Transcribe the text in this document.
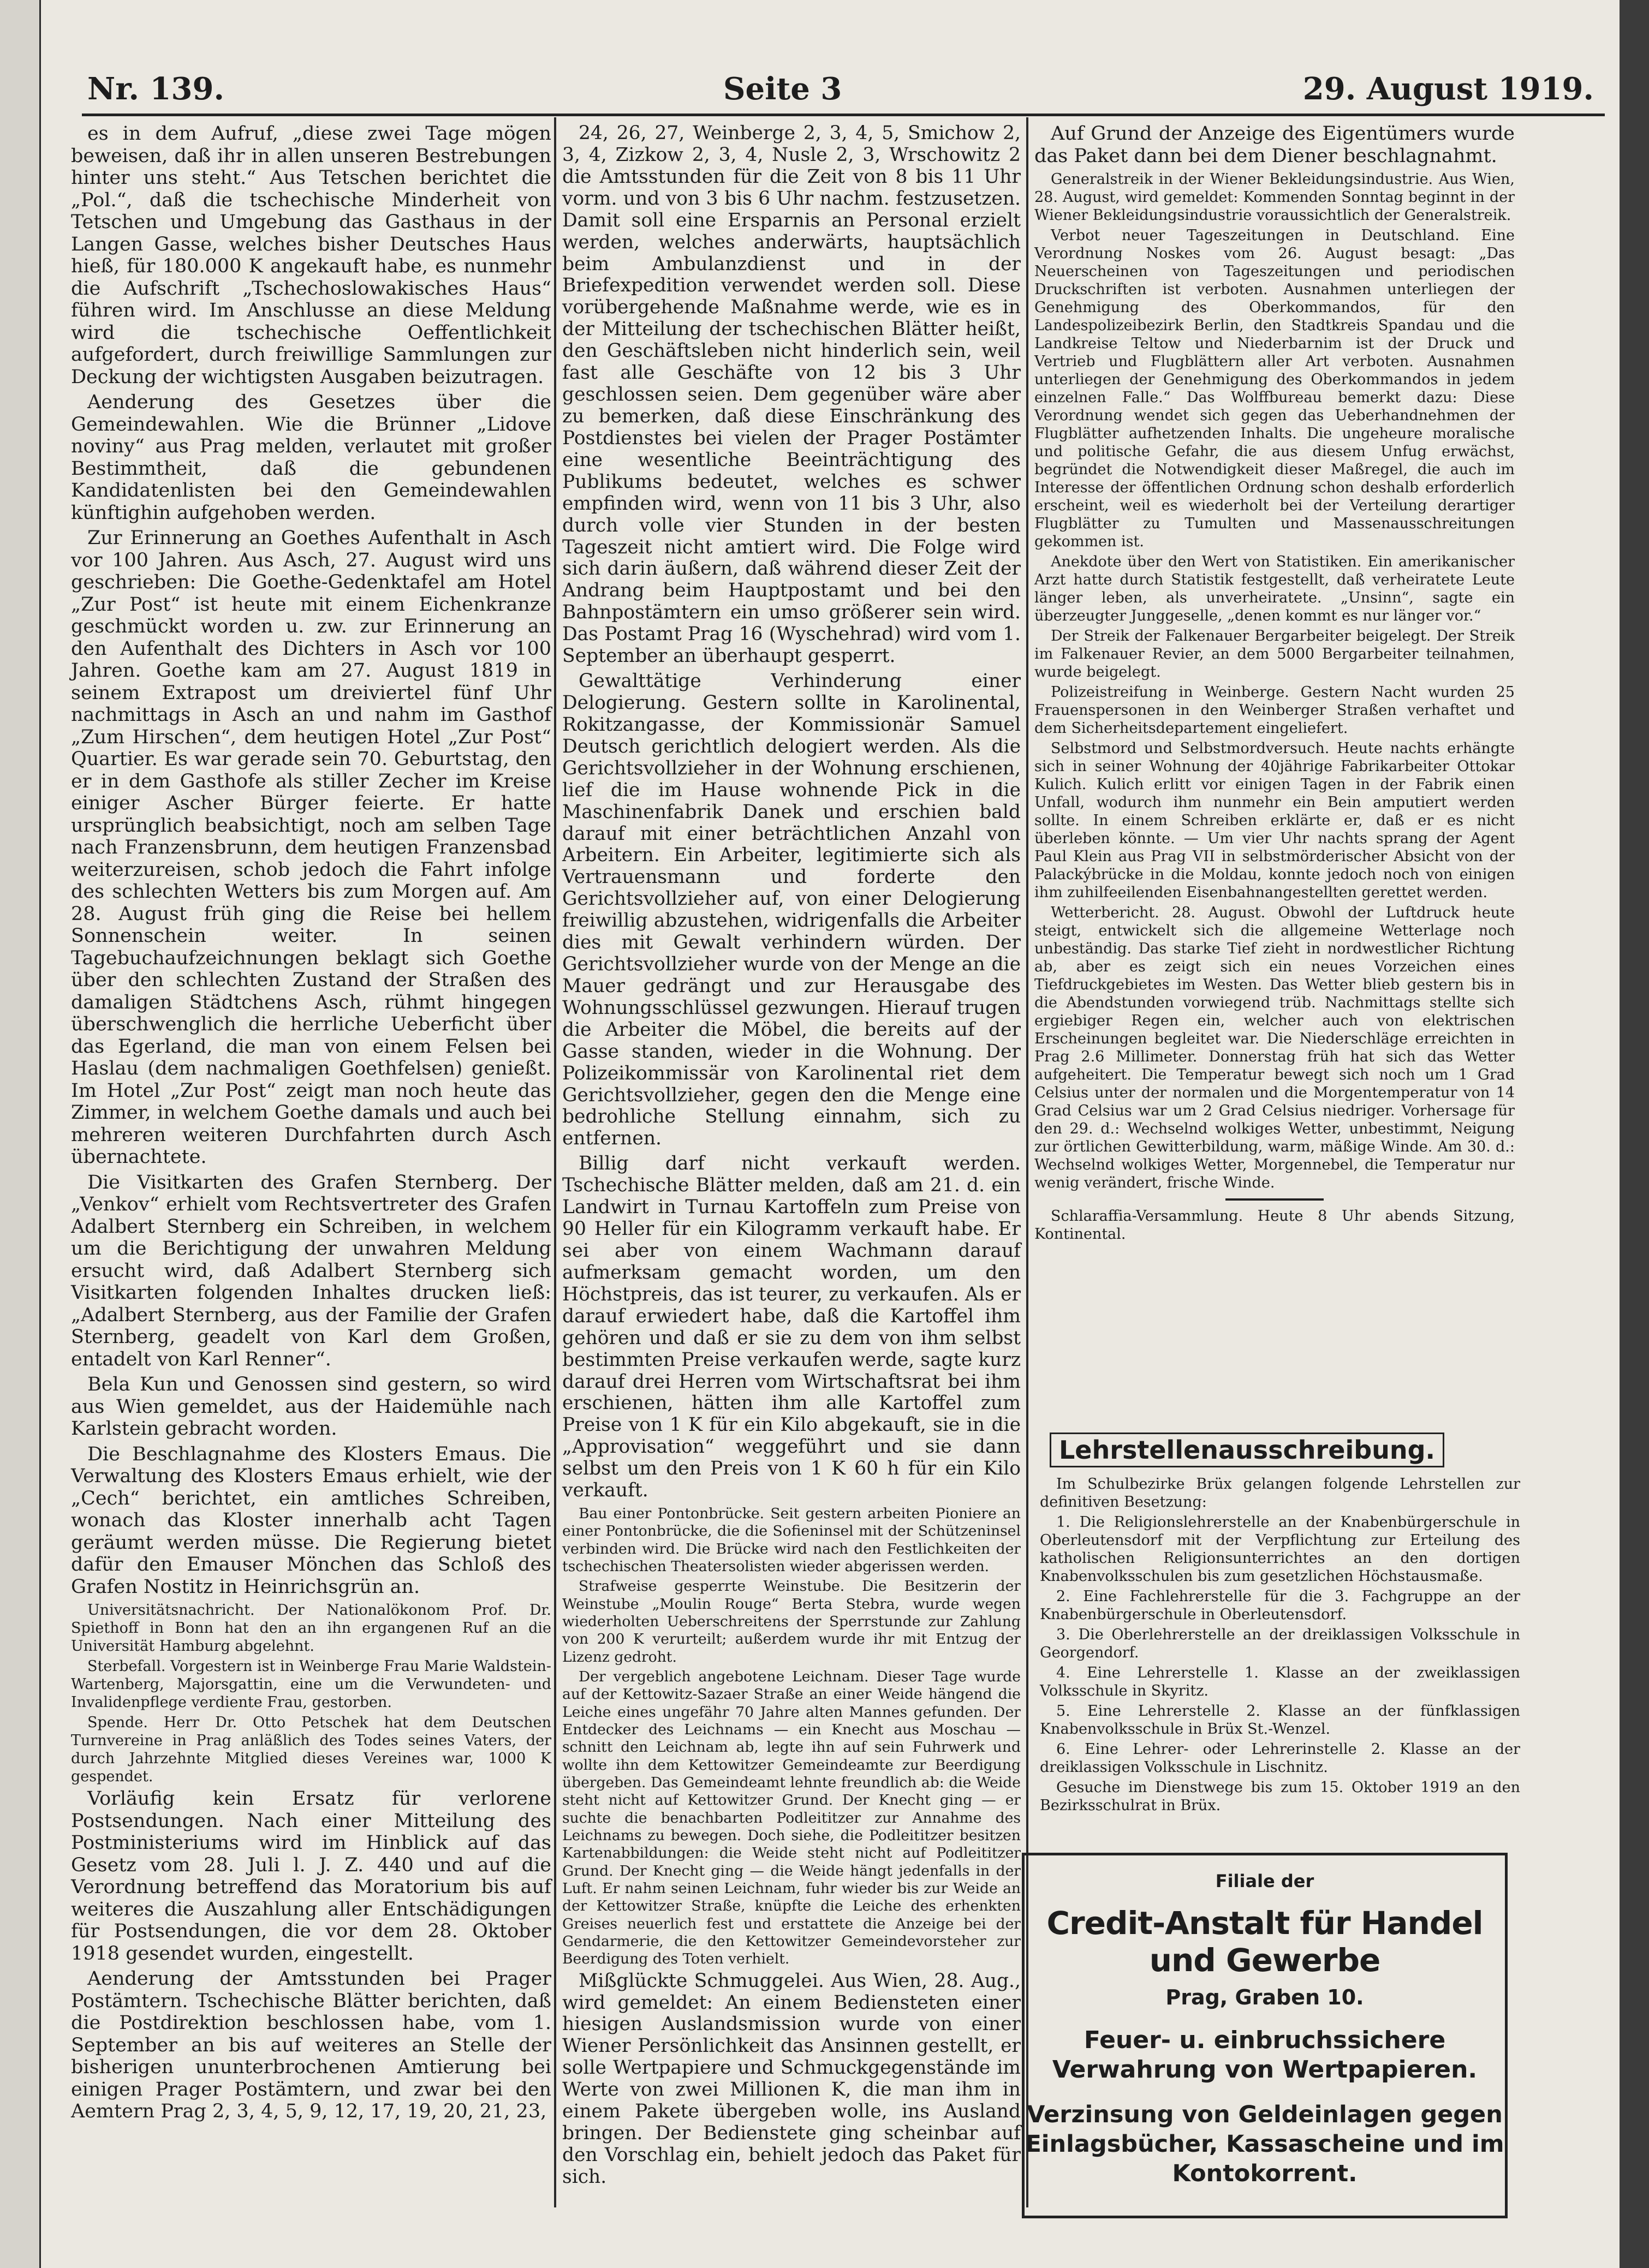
Nr. 139.	Seite 3	29. August 1919.

es in dem Aufruf, „diese zwei Tage mögen beweisen, daß ihr in allen unseren Bestrebungen hinter uns steht.“ Aus Tetschen berichtet die „Pol.“, daß die tschechische Minderheit von Tetschen und Umgebung das Gasthaus in der Langen Gasse, welches bisher Deutsches Haus hieß, für 180.000 K angekauft habe, es nunmehr die Aufschrift „Tschechoslowakisches Haus“ führen wird. Im Anschlusse an diese Meldung wird die tschechische Oeffentlichkeit aufgefordert, durch freiwillige Sammlungen zur Deckung der wichtigsten Ausgaben beizutragen.

Aenderung des Gesetzes über die Gemeindewahlen. Wie die Brünner „Lidove noviny“ aus Prag melden, verlautet mit großer Bestimmtheit, daß die gebundenen Kandidatenlisten bei den Gemeindewahlen künftighin aufgehoben werden.

Zur Erinnerung an Goethes Aufenthalt in Asch vor 100 Jahren. Aus Asch, 27. August wird uns geschrieben: Die Goethe-Gedenktafel am Hotel „Zur Post“ ist heute mit einem Eichenkranze geschmückt worden u. zw. zur Erinnerung an den Aufenthalt des Dichters in Asch vor 100 Jahren. Goethe kam am 27. August 1819 in seinem Extrapost um dreiviertel fünf Uhr nachmittags in Asch an und nahm im Gasthof „Zum Hirschen“, dem heutigen Hotel „Zur Post“ Quartier. Es war gerade sein 70. Geburtstag, den er in dem Gasthofe als stiller Zecher im Kreise einiger Ascher Bürger feierte. Er hatte ursprünglich beabsichtigt, noch am selben Tage nach Franzensbrunn, dem heutigen Franzensbad weiterzureisen, schob jedoch die Fahrt infolge des schlechten Wetters bis zum Morgen auf. Am 28. August früh ging die Reise bei hellem Sonnenschein weiter. In seinen Tagebuchaufzeichnungen beklagt sich Goethe über den schlechten Zustand der Straßen des damaligen Städtchens Asch, rühmt hingegen überschwenglich die herrliche Ueberficht über das Egerland, die man von einem Felsen bei Haslau (dem nachmaligen Goethfelsen) genießt. Im Hotel „Zur Post“ zeigt man noch heute das Zimmer, in welchem Goethe damals und auch bei mehreren weiteren Durchfahrten durch Asch übernachtete.

Die Visitkarten des Grafen Sternberg. Der „Venkov“ erhielt vom Rechtsvertreter des Grafen Adalbert Sternberg ein Schreiben, in welchem um die Berichtigung der unwahren Meldung ersucht wird, daß Adalbert Sternberg sich Visitkarten folgenden Inhaltes drucken ließ: „Adalbert Sternberg, aus der Familie der Grafen Sternberg, geadelt von Karl dem Großen, entadelt von Karl Renner“.

Bela Kun und Genossen sind gestern, so wird aus Wien gemeldet, aus der Haidemühle nach Karlstein gebracht worden.

Die Beschlagnahme des Klosters Emaus. Die Verwaltung des Klosters Emaus erhielt, wie der „Cech“ berichtet, ein amtliches Schreiben, wonach das Kloster innerhalb acht Tagen geräumt werden müsse. Die Regierung bietet dafür den Emauser Mönchen das Schloß des Grafen Nostitz in Heinrichsgrün an.

Universitätsnachricht. Der Nationalökonom Prof. Dr. Spiethoff in Bonn hat den an ihn ergangenen Ruf an die Universität Hamburg abgelehnt.

Sterbefall. Vorgestern ist in Weinberge Frau Marie Waldstein-Wartenberg, Majorsgattin, eine um die Verwundeten- und Invalidenpflege verdiente Frau, gestorben.

Spende. Herr Dr. Otto Petschek hat dem Deutschen Turnvereine in Prag anläßlich des Todes seines Vaters, der durch Jahrzehnte Mitglied dieses Vereines war, 1000 K gespendet.

Vorläufig kein Ersatz für verlorene Postsendungen. Nach einer Mitteilung des Postministeriums wird im Hinblick auf das Gesetz vom 28. Juli l. J. Z. 440 und auf die Verordnung betreffend das Moratorium bis auf weiteres die Auszahlung aller Entschädigungen für Postsendungen, die vor dem 28. Oktober 1918 gesendet wurden, eingestellt.

Aenderung der Amtsstunden bei Prager Postämtern. Tschechische Blätter berichten, daß die Postdirektion beschlossen habe, vom 1. September an bis auf weiteres an Stelle der bisherigen ununterbrochenen Amtierung bei einigen Prager Postämtern, und zwar bei den Aemtern Prag 2, 3, 4, 5, 9, 12, 17, 19, 20, 21, 23,

24, 26, 27, Weinberge 2, 3, 4, 5, Smichow 2, 3, 4, Zizkow 2, 3, 4, Nusle 2, 3, Wrschowitz 2 die Amtsstunden für die Zeit von 8 bis 11 Uhr vorm. und von 3 bis 6 Uhr nachm. festzusetzen. Damit soll eine Ersparnis an Personal erzielt werden, welches anderwärts, hauptsächlich beim Ambulanzdienst und in der Briefexpedition verwendet werden soll. Diese vorübergehende Maßnahme werde, wie es in der Mitteilung der tschechischen Blätter heißt, den Geschäftsleben nicht hinderlich sein, weil fast alle Geschäfte von 12 bis 3 Uhr geschlossen seien. Dem gegenüber wäre aber zu bemerken, daß diese Einschränkung des Postdienstes bei vielen der Prager Postämter eine wesentliche Beeinträchtigung des Publikums bedeutet, welches es schwer empfinden wird, wenn von 11 bis 3 Uhr, also durch volle vier Stunden in der besten Tageszeit nicht amtiert wird. Die Folge wird sich darin äußern, daß während dieser Zeit der Andrang beim Hauptpostamt und bei den Bahnpostämtern ein umso größerer sein wird. Das Postamt Prag 16 (Wyschehrad) wird vom 1. September an überhaupt gesperrt.

Gewalttätige Verhinderung einer Delogierung. Gestern sollte in Karolinental, Rokitzangasse, der Kommissionär Samuel Deutsch gerichtlich delogiert werden. Als die Gerichtsvollzieher in der Wohnung erschienen, lief die im Hause wohnende Pick in die Maschinenfabrik Danek und erschien bald darauf mit einer beträchtlichen Anzahl von Arbeitern. Ein Arbeiter, legitimierte sich als Vertrauensmann und forderte den Gerichtsvollzieher auf, von einer Delogierung freiwillig abzustehen, widrigenfalls die Arbeiter dies mit Gewalt verhindern würden. Der Gerichtsvollzieher wurde von der Menge an die Mauer gedrängt und zur Herausgabe des Wohnungsschlüssel gezwungen. Hierauf trugen die Arbeiter die Möbel, die bereits auf der Gasse standen, wieder in die Wohnung. Der Polizeikommissär von Karolinental riet dem Gerichtsvollzieher, gegen den die Menge eine bedrohliche Stellung einnahm, sich zu entfernen.

Billig darf nicht verkauft werden. Tschechische Blätter melden, daß am 21. d. ein Landwirt in Turnau Kartoffeln zum Preise von 90 Heller für ein Kilogramm verkauft habe. Er sei aber von einem Wachmann darauf aufmerksam gemacht worden, um den Höchstpreis, das ist teurer, zu verkaufen. Als er darauf erwiedert habe, daß die Kartoffel ihm gehören und daß er sie zu dem von ihm selbst bestimmten Preise verkaufen werde, sagte kurz darauf drei Herren vom Wirtschaftsrat bei ihm erschienen, hätten ihm alle Kartoffel zum Preise von 1 K für ein Kilo abgekauft, sie in die „Approvisation“ weggeführt und sie dann selbst um den Preis von 1 K 60 h für ein Kilo verkauft.

Bau einer Pontonbrücke. Seit gestern arbeiten Pioniere an einer Pontonbrücke, die die Sofieninsel mit der Schützeninsel verbinden wird. Die Brücke wird nach den Festlichkeiten der tschechischen Theatersolisten wieder abgerissen werden.

Strafweise gesperrte Weinstube. Die Besitzerin der Weinstube „Moulin Rouge“ Berta Stebra, wurde wegen wiederholten Ueberschreitens der Sperrstunde zur Zahlung von 200 K verurteilt; außerdem wurde ihr mit Entzug der Lizenz gedroht.

Der vergeblich angebotene Leichnam. Dieser Tage wurde auf der Kettowitz-Sazaer Straße an einer Weide hängend die Leiche eines ungefähr 70 Jahre alten Mannes gefunden. Der Entdecker des Leichnams — ein Knecht aus Moschau — schnitt den Leichnam ab, legte ihn auf sein Fuhrwerk und wollte ihn dem Kettowitzer Gemeindeamte zur Beerdigung übergeben. Das Gemeindeamt lehnte freundlich ab: die Weide steht nicht auf Kettowitzer Grund. Der Knecht ging — er suchte die benachbarten Podleititzer zur Annahme des Leichnams zu bewegen. Doch siehe, die Podleititzer besitzen Kartenabbildungen: die Weide steht nicht auf Podleititzer Grund. Der Knecht ging — die Weide hängt jedenfalls in der Luft. Er nahm seinen Leichnam, fuhr wieder bis zur Weide an der Kettowitzer Straße, knüpfte die Leiche des erhenkten Greises neuerlich fest und erstattete die Anzeige bei der Gendarmerie, die den Kettowitzer Gemeindevorsteher zur Beerdigung des Toten verhielt.

Mißglückte Schmuggelei. Aus Wien, 28. Aug., wird gemeldet: An einem Bediensteten einer hiesigen Auslandsmission wurde von einer Wiener Persönlichkeit das Ansinnen gestellt, er solle Wertpapiere und Schmuckgegenstände im Werte von zwei Millionen K, die man ihm in einem Pakete übergeben wolle, ins Ausland bringen. Der Bedienstete ging scheinbar auf den Vorschlag ein, behielt jedoch das Paket für sich.

Auf Grund der Anzeige des Eigentümers wurde das Paket dann bei dem Diener beschlagnahmt.

Generalstreik in der Wiener Bekleidungsindustrie. Aus Wien, 28. August, wird gemeldet: Kommenden Sonntag beginnt in der Wiener Bekleidungsindustrie voraussichtlich der Generalstreik.

Verbot neuer Tageszeitungen in Deutschland. Eine Verordnung Noskes vom 26. August besagt: „Das Neuerscheinen von Tageszeitungen und periodischen Druckschriften ist verboten. Ausnahmen unterliegen der Genehmigung des Oberkommandos, für den Landespolizeibezirk Berlin, den Stadtkreis Spandau und die Landkreise Teltow und Niederbarnim ist der Druck und Vertrieb und Flugblättern aller Art verboten. Ausnahmen unterliegen der Genehmigung des Oberkommandos in jedem einzelnen Falle.“ Das Wolffbureau bemerkt dazu: Diese Verordnung wendet sich gegen das Ueberhandnehmen der Flugblätter aufhetzenden Inhalts. Die ungeheure moralische und politische Gefahr, die aus diesem Unfug erwächst, begründet die Notwendigkeit dieser Maßregel, die auch im Interesse der öffentlichen Ordnung schon deshalb erforderlich erscheint, weil es wiederholt bei der Verteilung derartiger Flugblätter zu Tumulten und Massenausschreitungen gekommen ist.

Anekdote über den Wert von Statistiken. Ein amerikanischer Arzt hatte durch Statistik festgestellt, daß verheiratete Leute länger leben, als unverheiratete. „Unsinn“, sagte ein überzeugter Junggeselle, „denen kommt es nur länger vor.“

Der Streik der Falkenauer Bergarbeiter beigelegt. Der Streik im Falkenauer Revier, an dem 5000 Bergarbeiter teilnahmen, wurde beigelegt.

Polizeistreifung in Weinberge. Gestern Nacht wurden 25 Frauenspersonen in den Weinberger Straßen verhaftet und dem Sicherheitsdepartement eingeliefert.

Selbstmord und Selbstmordversuch. Heute nachts erhängte sich in seiner Wohnung der 40jährige Fabrikarbeiter Ottokar Kulich. Kulich erlitt vor einigen Tagen in der Fabrik einen Unfall, wodurch ihm nunmehr ein Bein amputiert werden sollte. In einem Schreiben erklärte er, daß er es nicht überleben könnte. — Um vier Uhr nachts sprang der Agent Paul Klein aus Prag VII in selbstmörderischer Absicht von der Palackýbrücke in die Moldau, konnte jedoch noch von einigen ihm zuhilfeeilenden Eisenbahnangestellten gerettet werden.

Wetterbericht. 28. August. Obwohl der Luftdruck heute steigt, entwickelt sich die allgemeine Wetterlage noch unbeständig. Das starke Tief zieht in nordwestlicher Richtung ab, aber es zeigt sich ein neues Vorzeichen eines Tiefdruckgebietes im Westen. Das Wetter blieb gestern bis in die Abendstunden vorwiegend trüb. Nachmittags stellte sich ergiebiger Regen ein, welcher auch von elektrischen Erscheinungen begleitet war. Die Niederschläge erreichten in Prag 2.6 Millimeter. Donnerstag früh hat sich das Wetter aufgeheitert. Die Temperatur bewegt sich noch um 1 Grad Celsius unter der normalen und die Morgentemperatur von 14 Grad Celsius war um 2 Grad Celsius niedriger. Vorhersage für den 29. d.: Wechselnd wolkiges Wetter, unbestimmt, Neigung zur örtlichen Gewitterbildung, warm, mäßige Winde. Am 30. d.: Wechselnd wolkiges Wetter, Morgennebel, die Temperatur nur wenig verändert, frische Winde.

Schlaraffia-Versammlung. Heute 8 Uhr abends Sitzung, Kontinental.

Lehrstellenausschreibung.

Im Schulbezirke Brüx gelangen folgende Lehrstellen zur definitiven Besetzung:

1. Die Religionslehrerstelle an der Knabenbürgerschule in Oberleutensdorf mit der Verpflichtung zur Erteilung des katholischen Religionsunterrichtes an den dortigen Knabenvolksschulen bis zum gesetzlichen Höchstausmaße.

2. Eine Fachlehrerstelle für die 3. Fachgruppe an der Knabenbürgerschule in Oberleutensdorf.

3. Die Oberlehrerstelle an der dreiklassigen Volksschule in Georgendorf.

4. Eine Lehrerstelle 1. Klasse an der zweiklassigen Volksschule in Skyritz.

5. Eine Lehrerstelle 2. Klasse an der fünfklassigen Knabenvolksschule in Brüx St.-Wenzel.

6. Eine Lehrer- oder Lehrerinstelle 2. Klasse an der dreiklassigen Volksschule in Lischnitz.

Gesuche im Dienstwege bis zum 15. Oktober 1919 an den Bezirksschulrat in Brüx.

Filiale der
Credit-Anstalt für Handel und Gewerbe
Prag, Graben 10.
Feuer- u. einbruchssichere Verwahrung von Wertpapieren.
Verzinsung von Geldeinlagen gegen Einlagsbücher, Kassascheine und im Kontokorrent.
